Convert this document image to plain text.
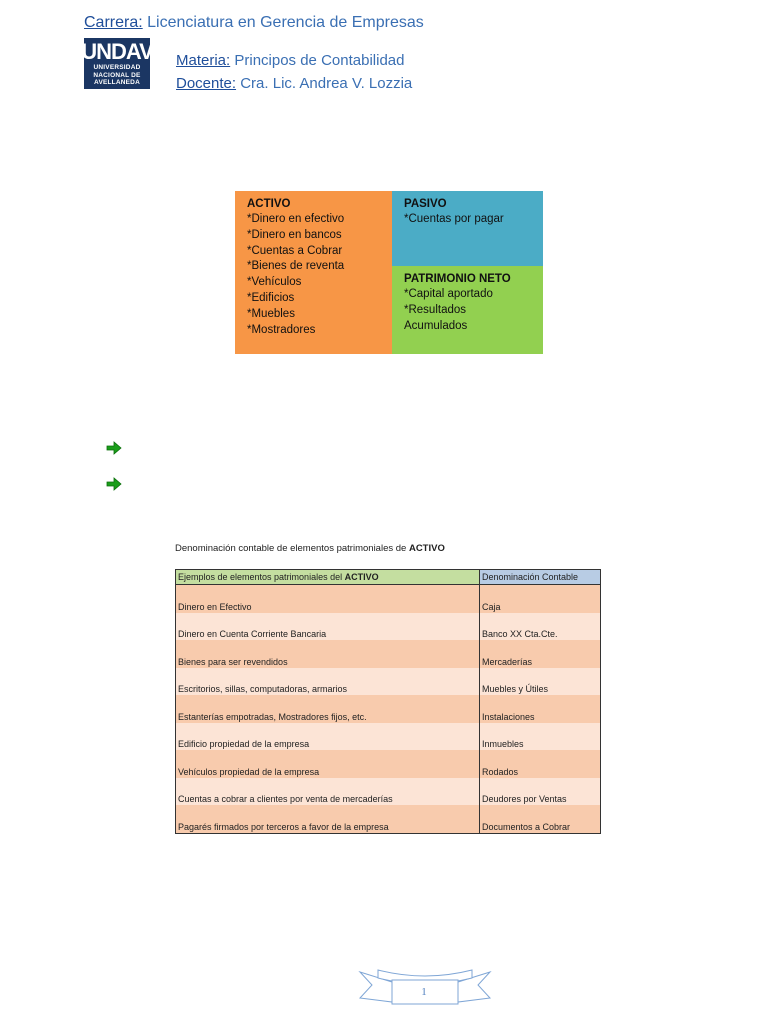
Carrera: Licenciatura en Gerencia de Empresas
UNDAV
UNIVERSIDAD
NACIONAL DE
AVELLANEDA
Materia: Principos de Contabilidad
Docente: Cra. Lic. Andrea V. Lozzia
ACTIVO
*Dinero en efectivo
*Dinero en bancos
*Cuentas a Cobrar
*Bienes de reventa
*Vehículos
*Edificios
*Muebles
*Mostradores
PASIVO
*Cuentas por pagar
PATRIMONIO NETO
*Capital aportado
*Resultados
Acumulados
Denominación contable de elementos patrimoniales de ACTIVO
Ejemplos de elementos patrimoniales del ACTIVO	Denominación Contable
Dinero en Efectivo	Caja
Dinero en Cuenta Corriente Bancaria	Banco XX Cta.Cte.
Bienes para ser revendidos	Mercaderías
Escritorios, sillas, computadoras, armarios	Muebles y Útiles
Estanterías empotradas, Mostradores fijos, etc.	Instalaciones
Edificio propiedad de la empresa	Inmuebles
Vehículos propiedad de la empresa	Rodados
Cuentas a cobrar a clientes por venta de mercaderías	Deudores por Ventas
Pagarés firmados por terceros a favor de la empresa	Documentos a Cobrar
1
